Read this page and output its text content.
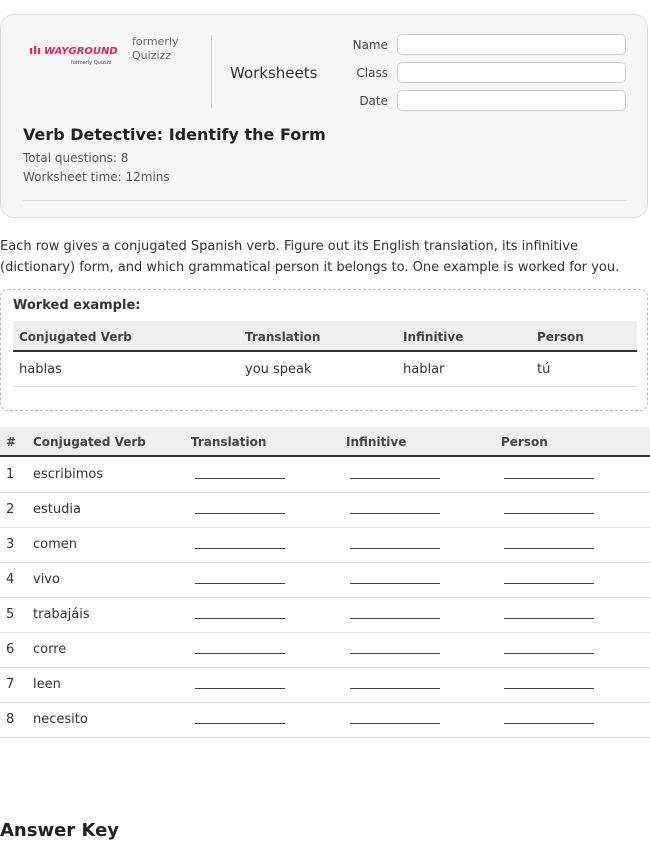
WAYGROUND
formerly Quizizz
formerly
Quizizz
Worksheets
Name
Class
Date
Verb Detective: Identify the Form
Total questions: 8
Worksheet time: 12mins
Each row gives a conjugated Spanish verb. Figure out its English translation, its infinitive (dictionary) form, and which grammatical person it belongs to. One example is worked for you.
Worked example:
Conjugated Verb	Translation	Infinitive	Person
hablas	you speak	hablar	tú
# Conjugated Verb	Translation	Infinitive	Person
1 escribimos
2 estudia
3 comen
4 vivo
5 trabajáis
6 corre
7 leen
8 necesito
Answer Key
